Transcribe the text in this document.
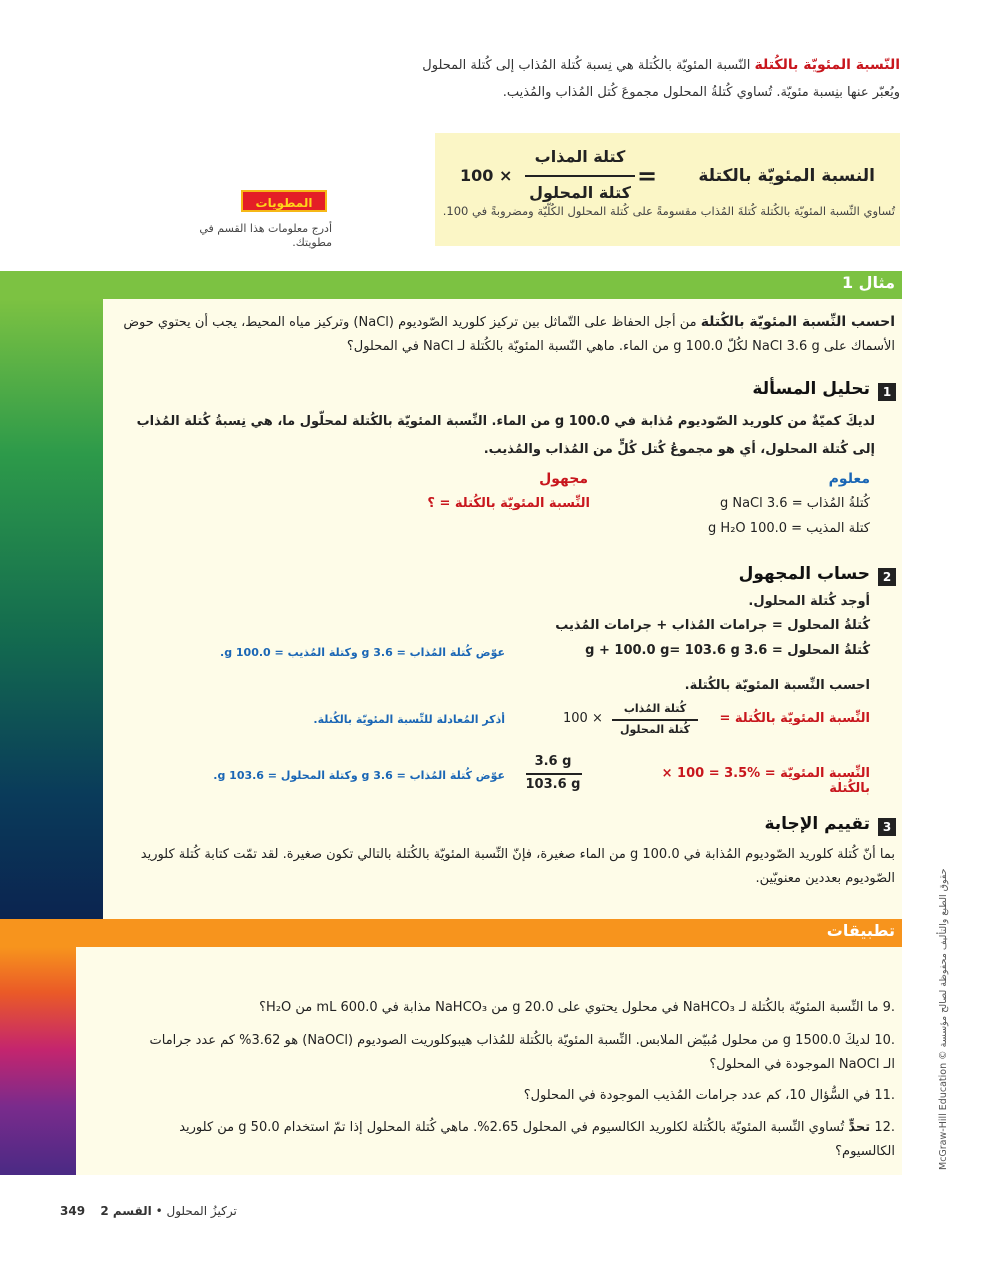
النّسبة المئويّة بالكُتلة النّسبة المئويّة بالكُتلة هي نِسبة كُتلة المُذاب إلى كُتلة المحلول
ويُعبّر عنها بنِسبة مئويّة. تُساوي كُتلةُ المحلول مجموعَ كُتل المُذاب والمُذيب.
النسبة المئويّة بالكتلة
=
كتلة المذاب
كتلة المحلول
100 ×
تُساوي النِّسبة المئويّة بالكُتلة كُتلةَ المُذاب مقسومةً على كُتلة المحلول الكُلّيّة ومضروبةً في 100.
المطويات
أدرج معلومات هذا القسم في مطويتك.
مثال 1
احسب النِّسبة المئويّة بالكُتلة من أجل الحفاظ على التّماثل بين تركيز كلوريد الصّوديوم (NaCl) وتركيز مياه المحيط، يجب أن يحتوي حوض الأسماك على NaCl 3.6 g لكُلّ 100.0 g من الماء. ماهي النّسبة المئويّة بالكُتلة لـ NaCl في المحلول؟
1
تحليل المسألة
لديكَ كميّةٌ من كلوريد الصّوديوم مُذابة في 100.0 g من الماء. النِّسبة المئويّة بالكُتلة لمحلّول ما، هي نِسبةُ كُتلة المُذاب إلى كُتلة المحلول، أي هو مجموعُ كُتل كُلٍّ من المُذاب والمُذيب.
معلوم
مجهول
كُتلةُ المُذاب = 3.6 g NaCl
كتلة المذيب = 100.0 g H₂O
النِّسبة المئويّة بالكُتلة = ؟
2
حساب المجهول
أوجد كُتلة المحلول.
كُتلةُ المحلول = جرامات المُذاب + جرامات المُذيب
كُتلةُ المحلول = 3.6 g + 100.0 g= 103.6 g
عوّض كُتلة المُذاب = 3.6 g وكتلة المُذيب = 100.0 g.
احسب النِّسبة المئويّة بالكُتلة.
النِّسبة المئويّة بالكُتلة =
كُتلة المُذاب
كُتلة المحلول
100 ×
أذكر المُعادلة للنِّسبة المئويّة بالكُتلة.
× 100 = 3.5% = النِّسبة المئويّة بالكُتلة
3.6 g
103.6 g
عوّض كُتلة المُذاب = 3.6 g وكتلة المحلول = 103.6 g.
3
تقييم الإجابة
بما أنّ كُتلة كلوريد الصّوديوم المُذابة في 100.0 g من الماء صغيرة، فإنّ النِّسبة المئويّة بالكُتلة بالتالي تكون صغيرة. لقد تمّت كتابة كُتلة كلوريد الصّوديوم بعددين معنويّين.
تطبيقات
.9 ما النِّسبة المئويّة بالكُتلة لـ NaHCO₃ في محلول يحتوي على 20.0 g من NaHCO₃ مذابة في 600.0 mL من H₂O؟
.10 لديكَ 1500.0 g من محلول مُبيّض الملابس. النِّسبة المئويّة بالكُتلة للمُذاب هيبوكلوريت الصوديوم (NaOCl) هو 3.62% كم عدد جرامات الـ NaOCl الموجودة في المحلول؟
.11 في السُّؤال 10، كم عدد جرامات المُذيب الموجودة في المحلول؟
.12 تحدٍّ تُساوي النِّسبة المئويّة بالكُتلة لكلوريد الكالسيوم في المحلول 2.65%. ماهي كُتلة المحلول إذا تمّ استخدام 50.0 g من كلوريد الكالسيوم؟
349	تركيزُ المحلول • القسم 2
McGraw-Hill Education © حقوق الطبع والتأليف محفوظة لصالح مؤسسة
